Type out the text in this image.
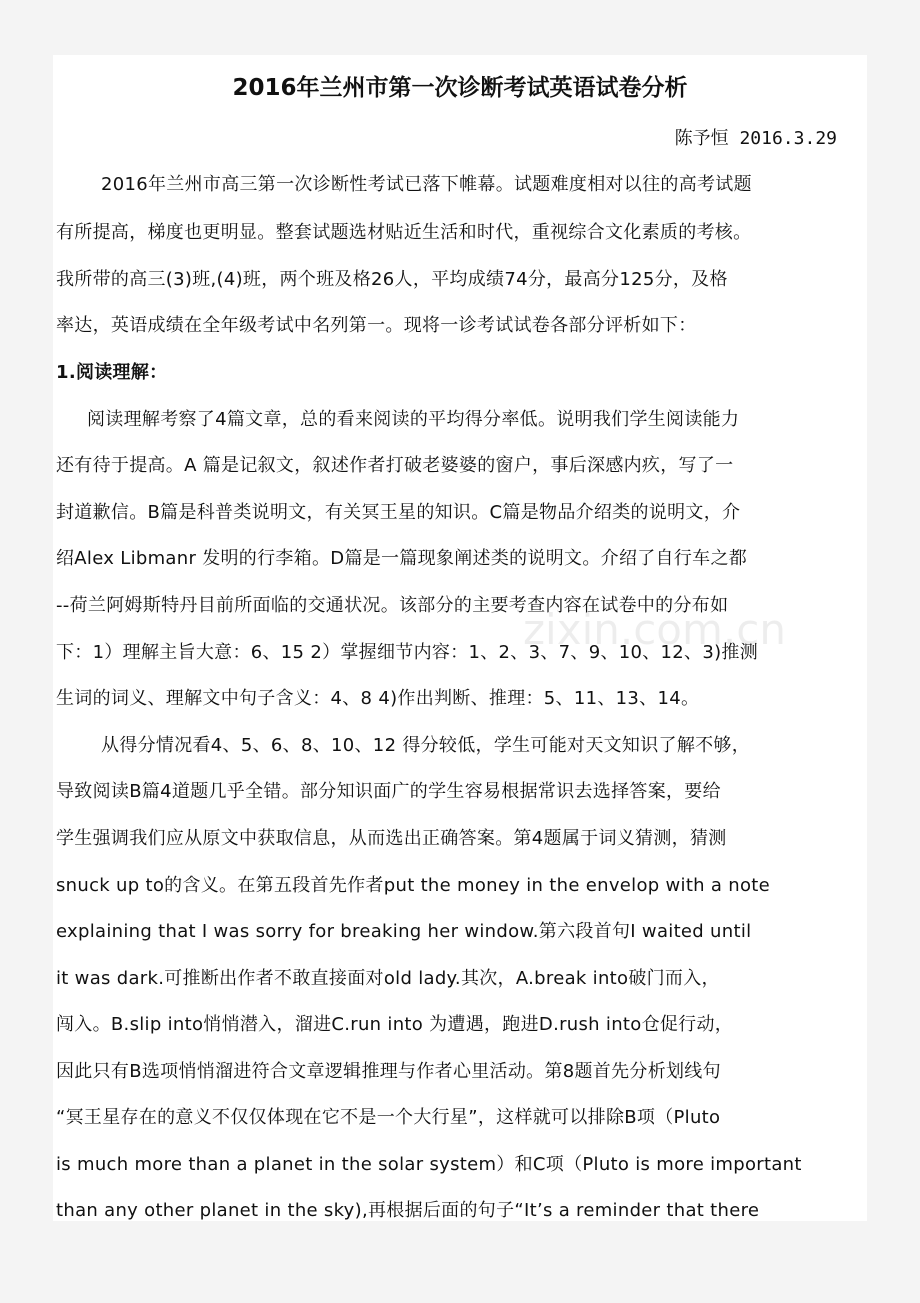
zixin.com.cn
2016年兰州市第一次诊断考试英语试卷分析
陈予恒 2016.3.29
2016年兰州市高三第一次诊断性考试已落下帷幕。试题难度相对以往的高考试题
有所提高，梯度也更明显。整套试题选材贴近生活和时代，重视综合文化素质的考核。
我所带的高三(3)班,(4)班，两个班及格26人，平均成绩74分，最高分125分，及格
率达，英语成绩在全年级考试中名列第一。现将一诊考试试卷各部分评析如下：
1.阅读理解：
阅读理解考察了4篇文章，总的看来阅读的平均得分率低。说明我们学生阅读能力
还有待于提高。A 篇是记叙文，叙述作者打破老婆婆的窗户，事后深感内疚，写了一
封道歉信。B篇是科普类说明文，有关冥王星的知识。C篇是物品介绍类的说明文，介
绍Alex Libmanr 发明的行李箱。D篇是一篇现象阐述类的说明文。介绍了自行车之都
--荷兰阿姆斯特丹目前所面临的交通状况。该部分的主要考查内容在试卷中的分布如
下：1）理解主旨大意：6、15 2）掌握细节内容：1、2、3、7、9、10、12、3)推测
生词的词义、理解文中句子含义：4、8 4)作出判断、推理：5、11、13、14。
从得分情况看4、5、6、8、10、12 得分较低，学生可能对天文知识了解不够，
导致阅读B篇4道题几乎全错。部分知识面广的学生容易根据常识去选择答案，要给
学生强调我们应从原文中获取信息，从而选出正确答案。第4题属于词义猜测，猜测
snuck up to的含义。在第五段首先作者put the money in the envelop with a note
explaining that I was sorry for breaking her window.第六段首句I waited until
it was dark.可推断出作者不敢直接面对old lady.其次，A.break into破门而入，
闯入。B.slip into悄悄潜入，溜进C.run into 为遭遇，跑进D.rush into仓促行动，
因此只有B选项悄悄溜进符合文章逻辑推理与作者心里活动。第8题首先分析划线句
“冥王星存在的意义不仅仅体现在它不是一个大行星”，这样就可以排除B项（Pluto
is much more than a planet in the solar system）和C项（Pluto is more important
than any other planet in the sky),再根据后面的句子“It’s a reminder that there
